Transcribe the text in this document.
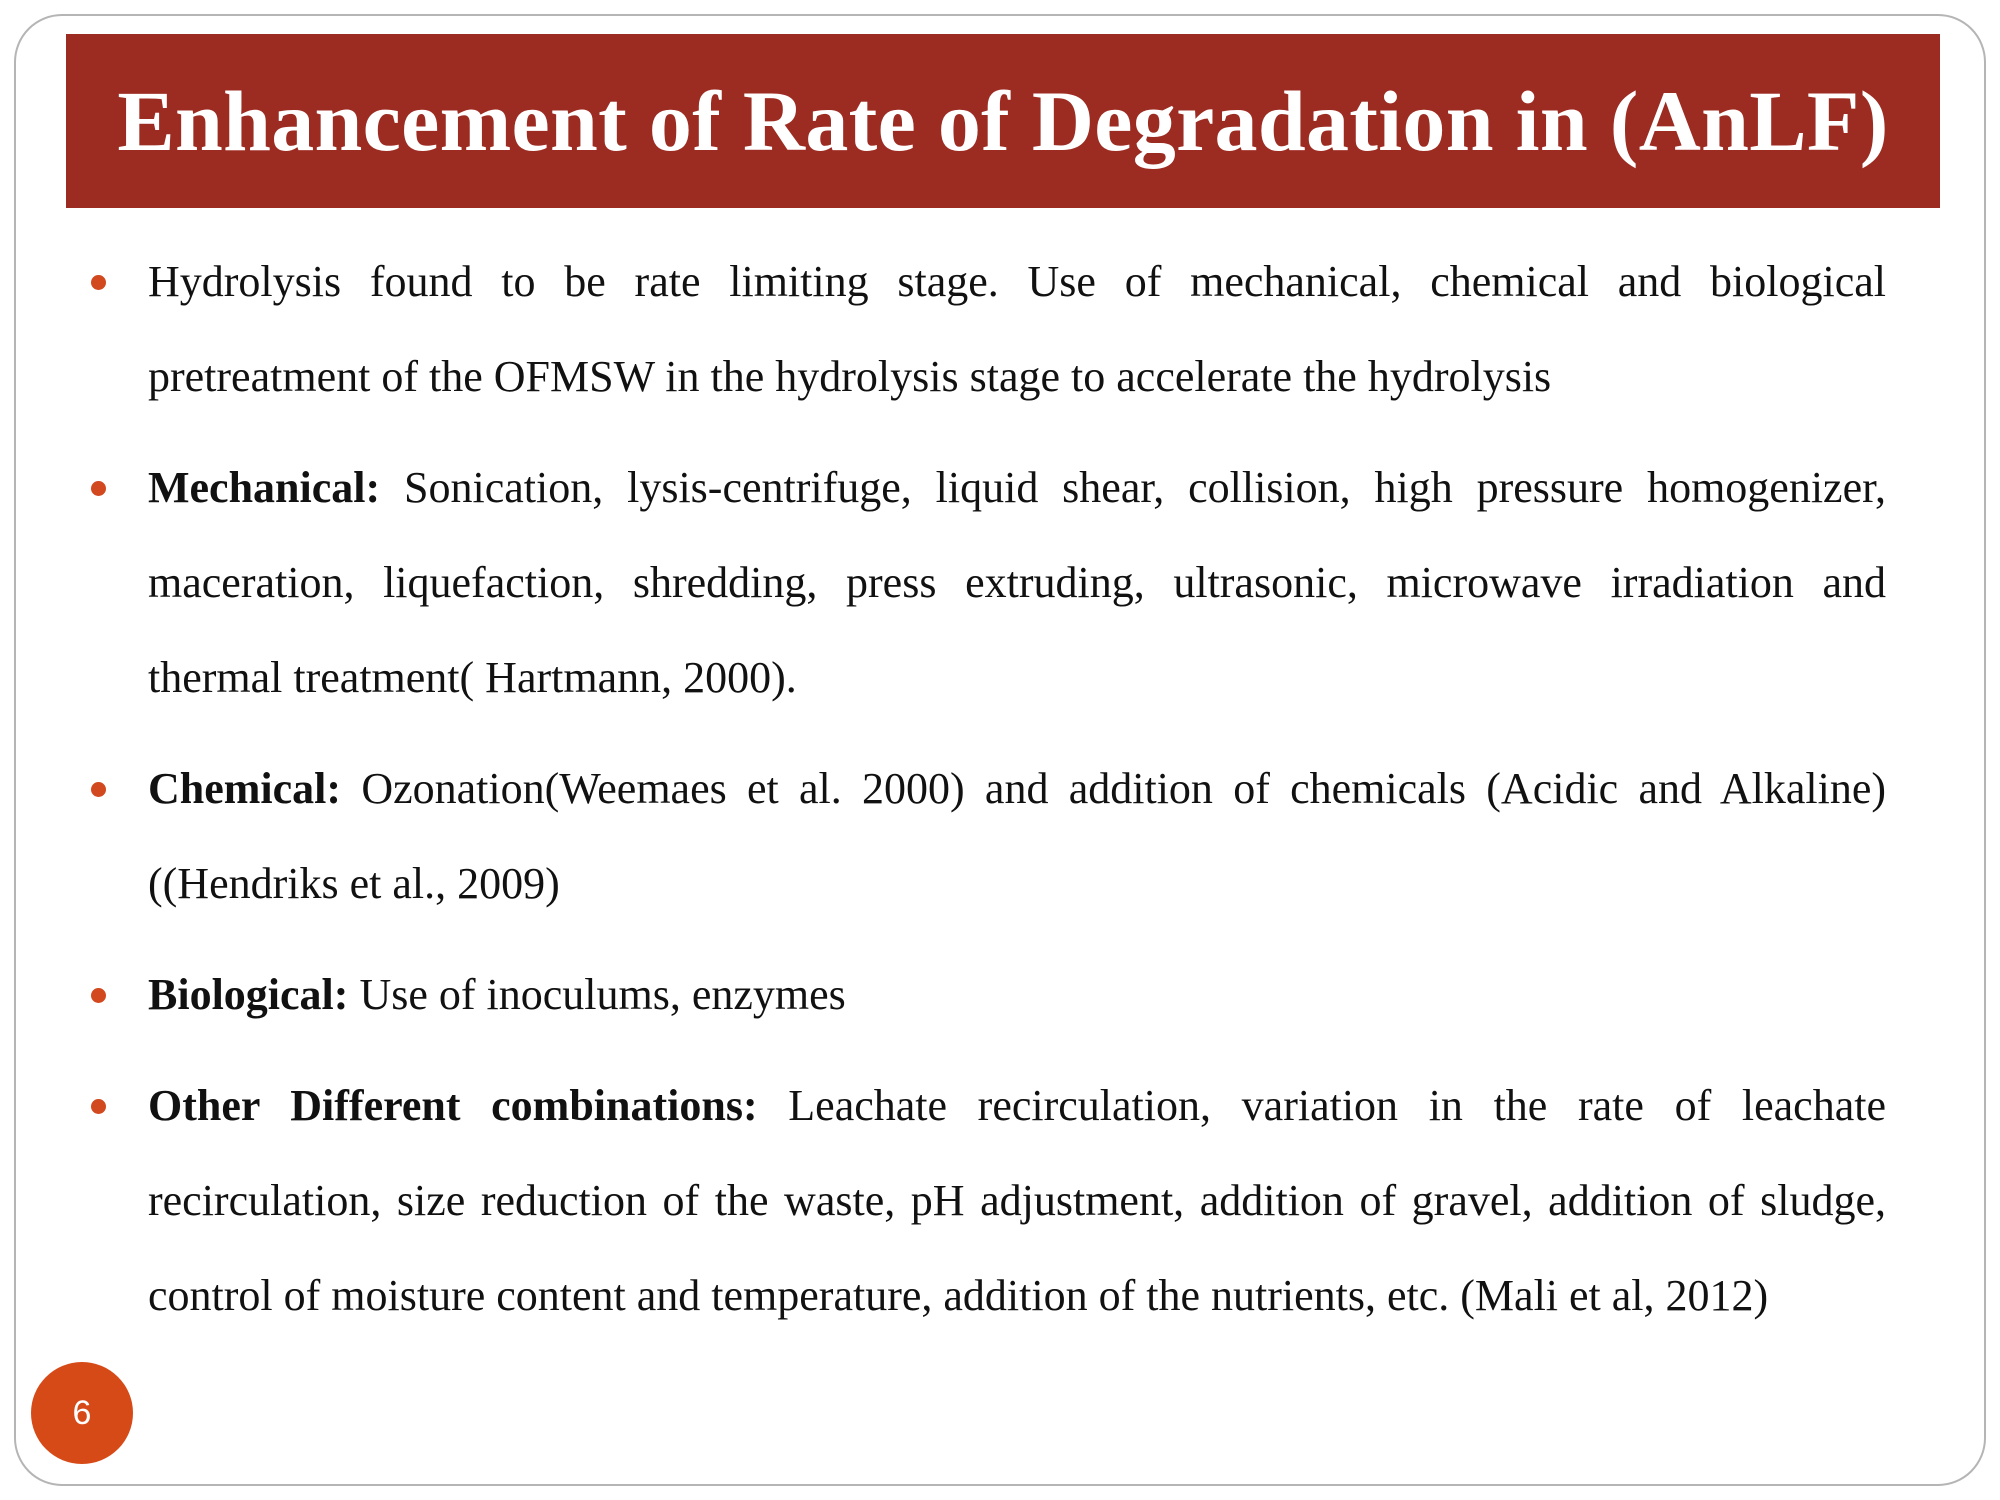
Enhancement of Rate of Degradation in (AnLF)
Hydrolysis found to be rate limiting stage. Use of mechanical, chemical and biological pretreatment of the OFMSW in the hydrolysis stage to accelerate the hydrolysis
Mechanical: Sonication, lysis-centrifuge, liquid shear, collision, high pressure homogenizer, maceration, liquefaction, shredding, press extruding, ultrasonic, microwave irradiation and thermal treatment( Hartmann, 2000).
Chemical: Ozonation(Weemaes et al. 2000) and addition of chemicals (Acidic and Alkaline) ((Hendriks et al., 2009)
Biological: Use of inoculums, enzymes
Other Different combinations: Leachate recirculation, variation in the rate of leachate recirculation, size reduction of the waste, pH adjustment, addition of gravel, addition of sludge, control of moisture content and temperature, addition of the nutrients, etc. (Mali et al, 2012)
6
